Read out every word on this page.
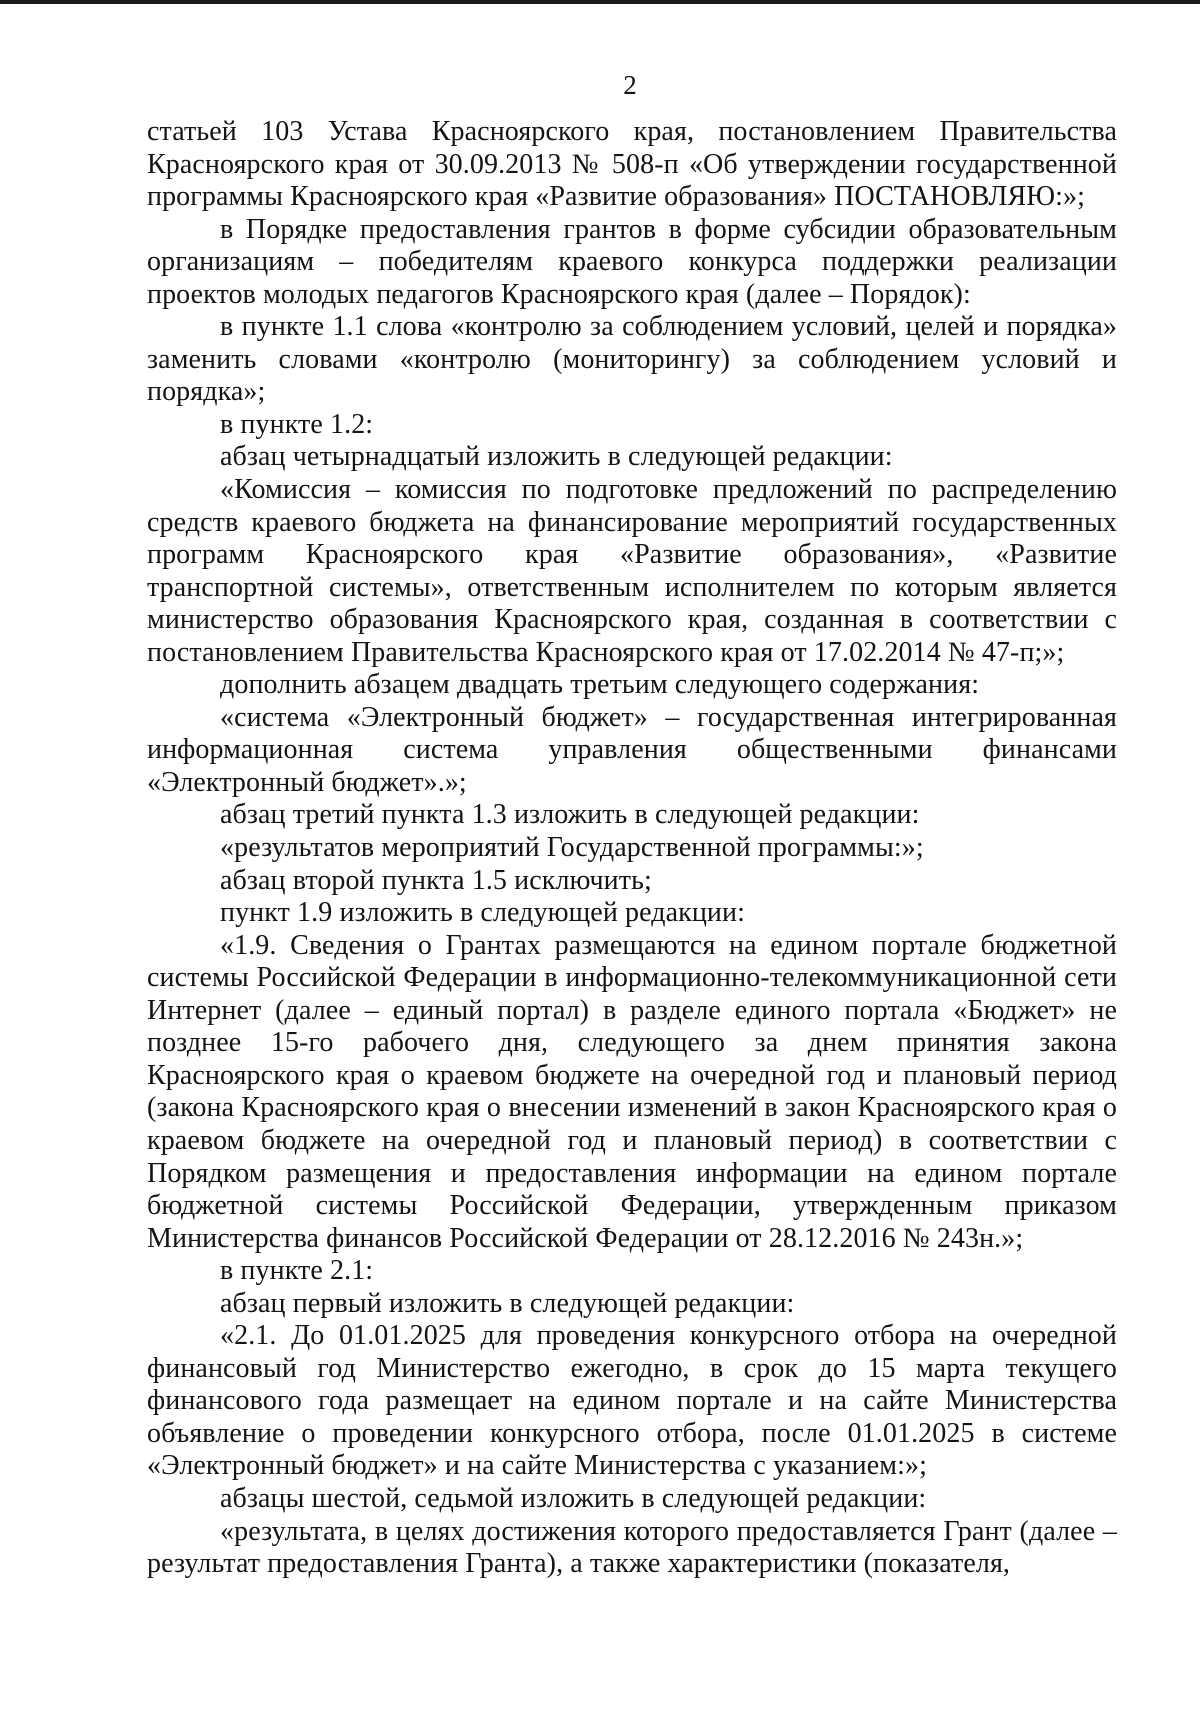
2

статьей 103 Устава Красноярского края, постановлением Правительства Красноярского края от 30.09.2013 № 508-п «Об утверждении государственной программы Красноярского края «Развитие образования» ПОСТАНОВЛЯЮ:»;

в Порядке предоставления грантов в форме субсидии образовательным организациям – победителям краевого конкурса поддержки реализации проектов молодых педагогов Красноярского края (далее – Порядок):

в пункте 1.1 слова «контролю за соблюдением условий, целей и порядка» заменить словами «контролю (мониторингу) за соблюдением условий и порядка»;

в пункте 1.2:

абзац четырнадцатый изложить в следующей редакции:

«Комиссия – комиссия по подготовке предложений по распределению средств краевого бюджета на финансирование мероприятий государственных программ Красноярского края «Развитие образования», «Развитие транспортной системы», ответственным исполнителем по которым является министерство образования Красноярского края, созданная в соответствии с постановлением Правительства Красноярского края от 17.02.2014 № 47-п;»;

дополнить абзацем двадцать третьим следующего содержания:

«система «Электронный бюджет» – государственная интегрированная информационная система управления общественными финансами «Электронный бюджет».»;

абзац третий пункта 1.3 изложить в следующей редакции:

«результатов мероприятий Государственной программы:»;

абзац второй пункта 1.5 исключить;

пункт 1.9 изложить в следующей редакции:

«1.9. Сведения о Грантах размещаются на едином портале бюджетной системы Российской Федерации в информационно-телекоммуникационной сети Интернет (далее – единый портал) в разделе единого портала «Бюджет» не позднее 15-го рабочего дня, следующего за днем принятия закона Красноярского края о краевом бюджете на очередной год и плановый период (закона Красноярского края о внесении изменений в закон Красноярского края о краевом бюджете на очередной год и плановый период) в соответствии с Порядком размещения и предоставления информации на едином портале бюджетной системы Российской Федерации, утвержденным приказом Министерства финансов Российской Федерации от 28.12.2016 № 243н.»;

в пункте 2.1:

абзац первый изложить в следующей редакции:

«2.1. До 01.01.2025 для проведения конкурсного отбора на очередной финансовый год Министерство ежегодно, в срок до 15 марта текущего финансового года размещает на едином портале и на сайте Министерства объявление о проведении конкурсного отбора, после 01.01.2025 в системе «Электронный бюджет» и на сайте Министерства с указанием:»;

абзацы шестой, седьмой изложить в следующей редакции:

«результата, в целях достижения которого предоставляется Грант (далее – результат предоставления Гранта), а также характеристики (показателя,
